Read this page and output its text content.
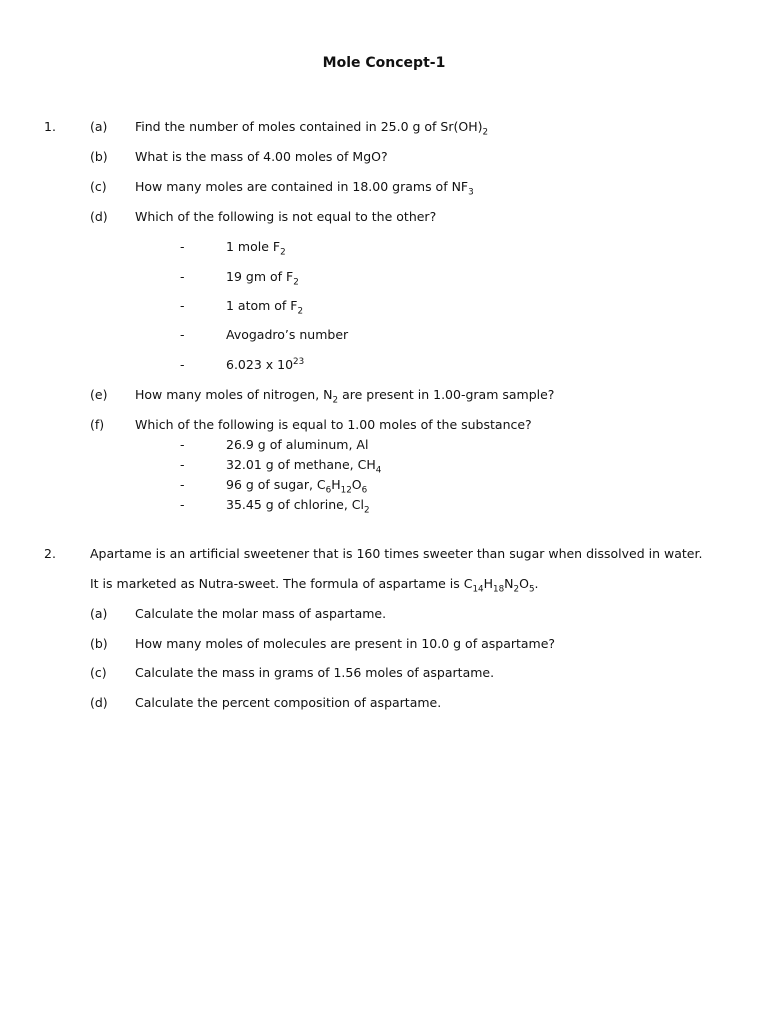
Mole Concept-1
1.	(a) Find the number of moles contained in 25.0 g of $Sr(OH)_2$
(b) What is the mass of 4.00 moles of MgO?
(c) How many moles are contained in 18.00 grams of $NF_3$
(d) Which of the following is not equal to the other?
-	1 mole $F_2$
-	19 gm of $F_2$
-	1 atom of $F_2$
-	Avogadro’s number
-	6.023 x $10^{23}$
(e) How many moles of nitrogen, $N_2$ are present in 1.00-gram sample?
(f) Which of the following is equal to 1.00 moles of the substance?
-	26.9 g of aluminum, Al
-	32.01 g of methane, $CH_4$
-	96 g of sugar, $C_6H_{12}O_6$
-	35.45 g of chlorine, $Cl_2$
2.	Apartame is an artificial sweetener that is 160 times sweeter than sugar when dissolved in water.
It is marketed as Nutra-sweet. The formula of aspartame is $C_{14}H_{18}N_2O_5$.
(a) Calculate the molar mass of aspartame.
(b) How many moles of molecules are present in 10.0 g of aspartame?
(c) Calculate the mass in grams of 1.56 moles of aspartame.
(d) Calculate the percent composition of aspartame.
